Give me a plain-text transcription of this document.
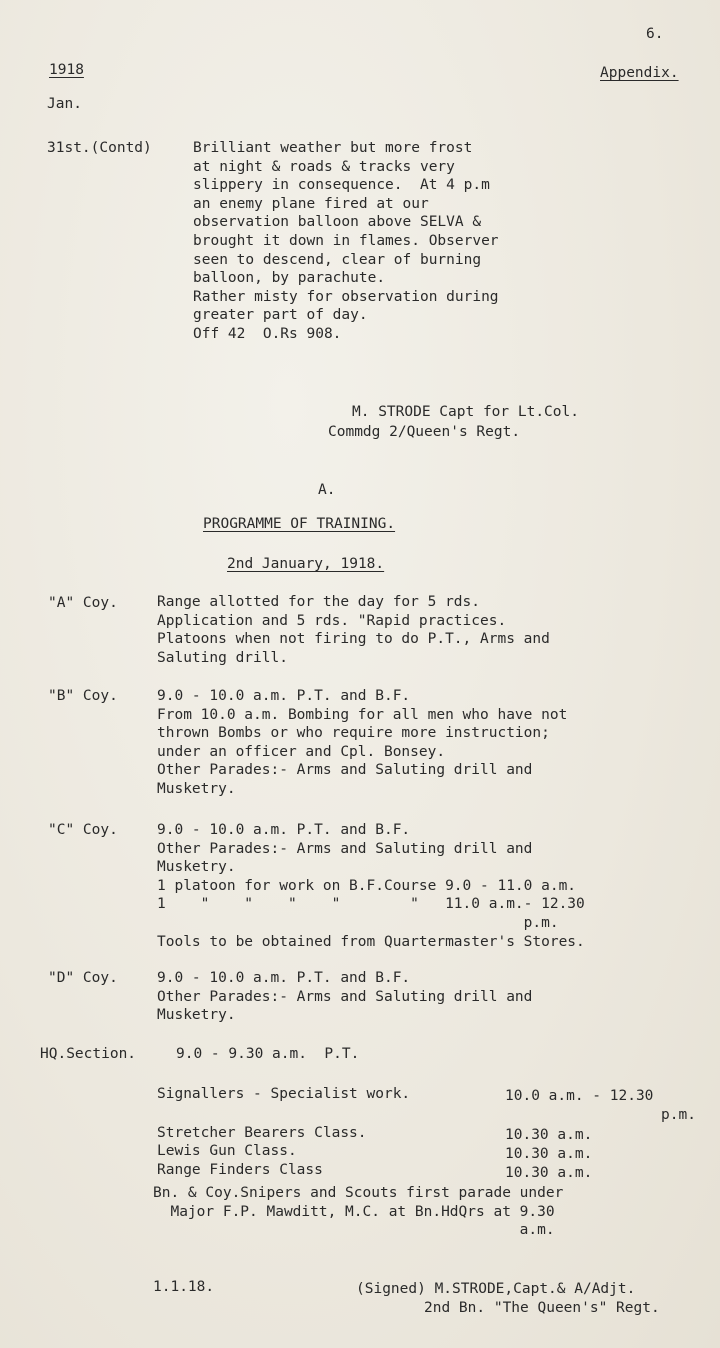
6.
1918	Appendix.
Jan.
31st.(Contd)	Brilliant weather but more frost
at night & roads & tracks very
slippery in consequence.  At 4 p.m
an enemy plane fired at our
observation balloon above SELVA &
brought it down in flames. Observer
seen to descend, clear of burning
balloon, by parachute.
Rather misty for observation during
greater part of day.
Off 42  O.Rs 908.
M. STRODE Capt for Lt.Col.
Commdg 2/Queen's Regt.
A.
PROGRAMME OF TRAINING.
2nd January, 1918.
"A" Coy.	Range allotted for the day for 5 rds.
Application and 5 rds. "Rapid practices.
Platoons when not firing to do P.T., Arms and
Saluting drill.
"B" Coy.	9.0 - 10.0 a.m. P.T. and B.F.
From 10.0 a.m. Bombing for all men who have not
thrown Bombs or who require more instruction;
under an officer and Cpl. Bonsey.
Other Parades:- Arms and Saluting drill and
Musketry.
"C" Coy.	9.0 - 10.0 a.m. P.T. and B.F.
Other Parades:- Arms and Saluting drill and
Musketry.
1 platoon for work on B.F.Course 9.0 - 11.0 a.m.
1    "    "    "    "        "   11.0 a.m.- 12.30
p.m.
Tools to be obtained from Quartermaster's Stores.
"D" Coy.	9.0 - 10.0 a.m. P.T. and B.F.
Other Parades:- Arms and Saluting drill and
Musketry.
HQ.Section.	9.0 - 9.30 a.m.  P.T.
Signallers - Specialist work.	10.0 a.m. - 12.30
p.m.
Stretcher Bearers Class.	10.30 a.m.
Lewis Gun Class.	10.30 a.m.
Range Finders Class	10.30 a.m.
Bn. & Coy.Snipers and Scouts first parade under
Major F.P. Mawditt, M.C. at Bn.HdQrs at 9.30
a.m.
1.1.18.	(Signed) M.STRODE,Capt.& A/Adjt.
2nd Bn. "The Queen's" Regt.
